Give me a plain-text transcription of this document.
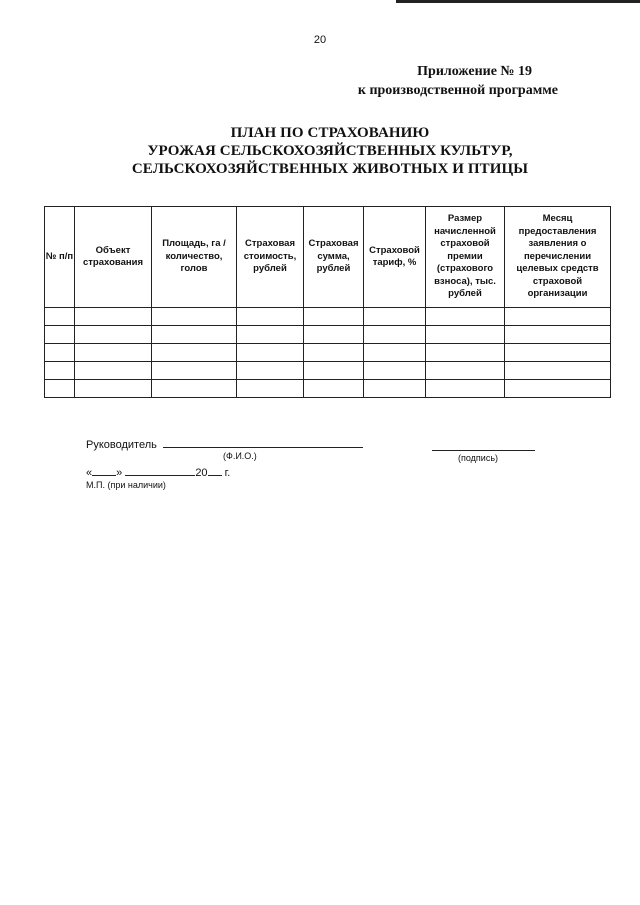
20
Приложение № 19
к производственной программе
ПЛАН ПО СТРАХОВАНИЮ
УРОЖАЯ СЕЛЬСКОХОЗЯЙСТВЕННЫХ КУЛЬТУР,
СЕЛЬСКОХОЗЯЙСТВЕННЫХ ЖИВОТНЫХ И ПТИЦЫ
№ п/п	Объект страхования	Площадь, га / количество, голов	Страховая стоимость, рублей	Страховая сумма, рублей	Страховой тариф, %	Размер начисленной страховой премии (страхового взноса), тыс. рублей	Месяц предоставления заявления о перечислении целевых средств страховой организации

Руководитель
(Ф.И.О.)	(подпись)
« »	20 г.
М.П. (при наличии)
